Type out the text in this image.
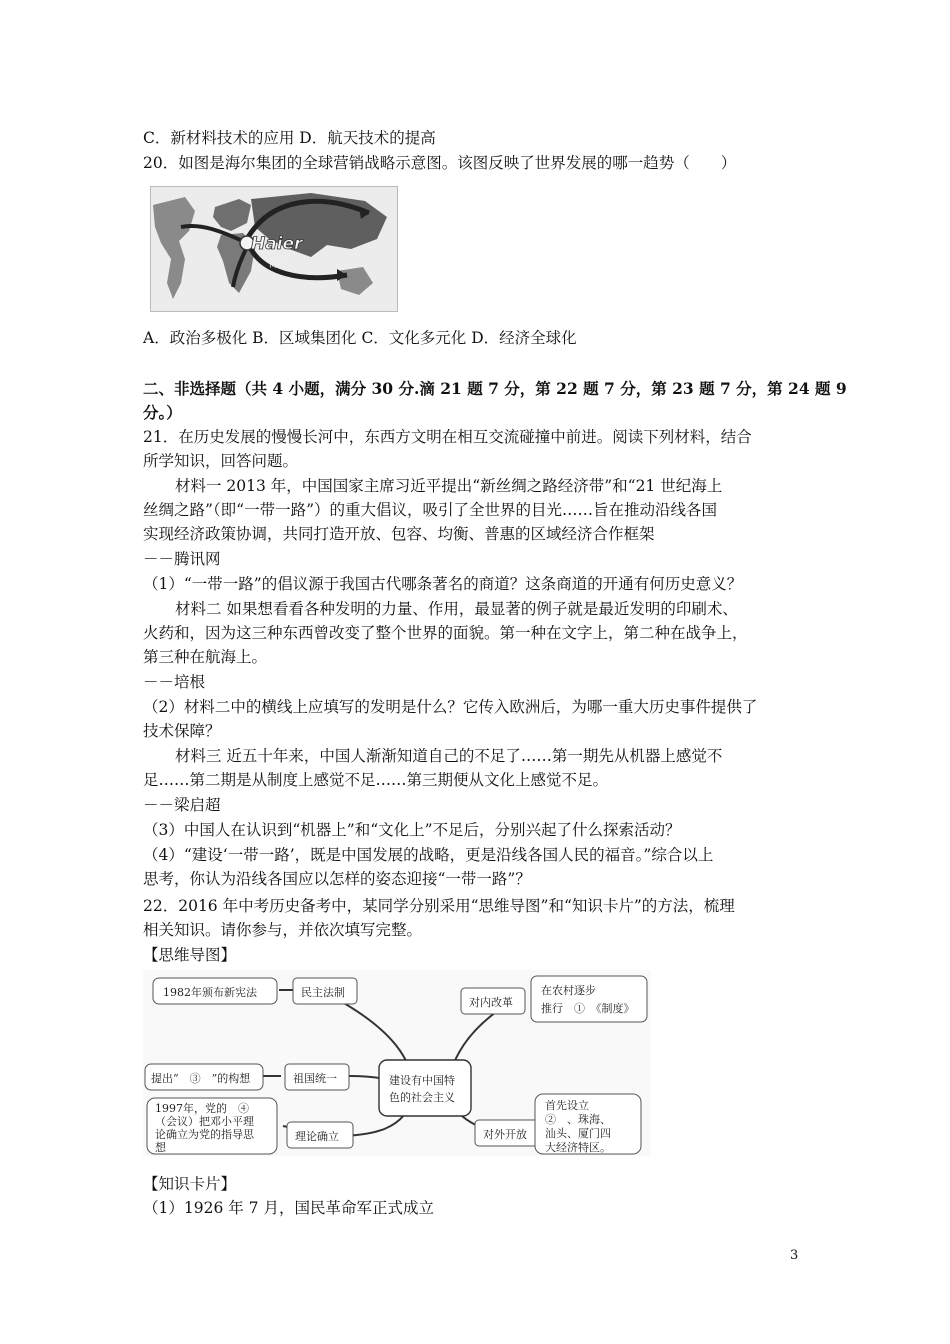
C．新材料技术的应用 D．航天技术的提高
20．如图是海尔集团的全球营销战略示意图。该图反映了世界发展的哪一趋势（　　）
Haier
海尔
A．政治多极化 B．区域集团化 C．文化多元化 D．经济全球化
二、非选择题（共 4 小题，满分 30 分.滴 21 题 7 分，第 22 题 7 分，第 23 题 7 分，第 24 题 9
分。）
21．在历史发展的慢慢长河中，东西方文明在相互交流碰撞中前进。阅读下列材料，结合
所学知识，回答问题。
材料一 2013 年，中国国家主席习近平提出“新丝绸之路经济带”和“21 世纪海上
丝绸之路”（即“一带一路”）的重大倡议，吸引了全世界的目光……旨在推动沿线各国
实现经济政策协调，共同打造开放、包容、均衡、普惠的区域经济合作框架
－－腾讯网
（1）“一带一路”的倡议源于我国古代哪条著名的商道？这条商道的开通有何历史意义？
材料二 如果想看看各种发明的力量、作用，最显著的例子就是最近发明的印刷术、
火药和，因为这三种东西曾改变了整个世界的面貌。第一种在文字上，第二种在战争上，
第三种在航海上。
－－培根
（2）材料二中的横线上应填写的发明是什么？它传入欧洲后，为哪一重大历史事件提供了
技术保障？
材料三 近五十年来，中国人渐渐知道自己的不足了……第一期先从机器上感觉不
足……第二期是从制度上感觉不足……第三期便从文化上感觉不足。
－－梁启超
（3）中国人在认识到“机器上”和“文化上”不足后，分别兴起了什么探索活动？
（4）“建设‘一带一路’，既是中国发展的战略，更是沿线各国人民的福音。”综合以上
思考，你认为沿线各国应以怎样的姿态迎接“一带一路”？
22．2016 年中考历史备考中，某同学分别采用“思维导图”和“知识卡片”的方法，梳理
相关知识。请你参与，并依次填写完整。
【思维导图】
建设有中国特
色的社会主义
1982年颁布新宪法	民主法制
提出“　③　”的构想	祖国统一
1997年，党的　④
（会议）把邓小平理
论确立为党的指导思
想
理论确立
对内改革
在农村逐步
推行　①　《制度》
对外开放
首先设立
②　、珠海、
汕头、厦门四
大经济特区。
【知识卡片】
（1）1926 年 7 月，国民革命军正式成立
3
